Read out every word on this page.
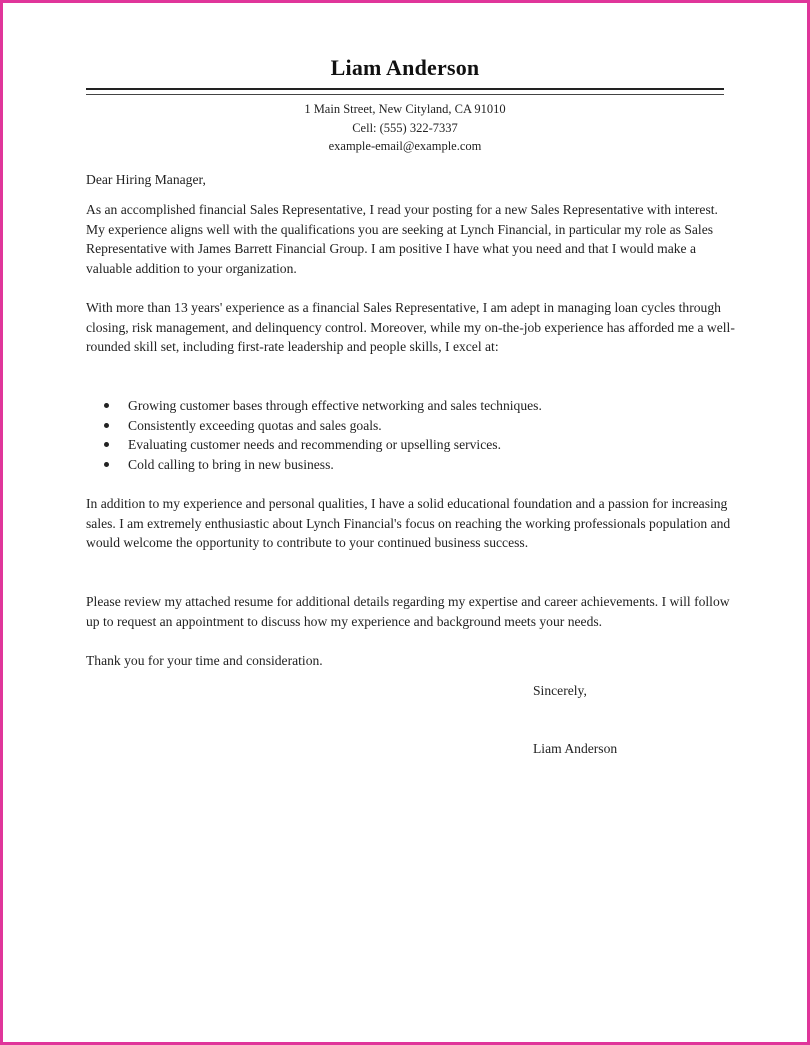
Liam Anderson
1 Main Street, New Cityland, CA 91010
Cell: (555) 322-7337
example-email@example.com
Dear Hiring Manager,
As an accomplished financial Sales Representative, I read your posting for a new Sales Representative with interest. My experience aligns well with the qualifications you are seeking at Lynch Financial, in particular my role as Sales Representative with James Barrett Financial Group. I am positive I have what you need and that I would make a valuable addition to your organization.
With more than 13 years' experience as a financial Sales Representative, I am adept in managing loan cycles through closing, risk management, and delinquency control. Moreover, while my on-the-job experience has afforded me a well-rounded skill set, including first-rate leadership and people skills, I excel at:
Growing customer bases through effective networking and sales techniques.
Consistently exceeding quotas and sales goals.
Evaluating customer needs and recommending or upselling services.
Cold calling to bring in new business.
In addition to my experience and personal qualities, I have a solid educational foundation and a passion for increasing sales. I am extremely enthusiastic about Lynch Financial's focus on reaching the working professionals population and would welcome the opportunity to contribute to your continued business success.
Please review my attached resume for additional details regarding my expertise and career achievements. I will follow up to request an appointment to discuss how my experience and background meets your needs.
Thank you for your time and consideration.
Sincerely,
Liam Anderson
